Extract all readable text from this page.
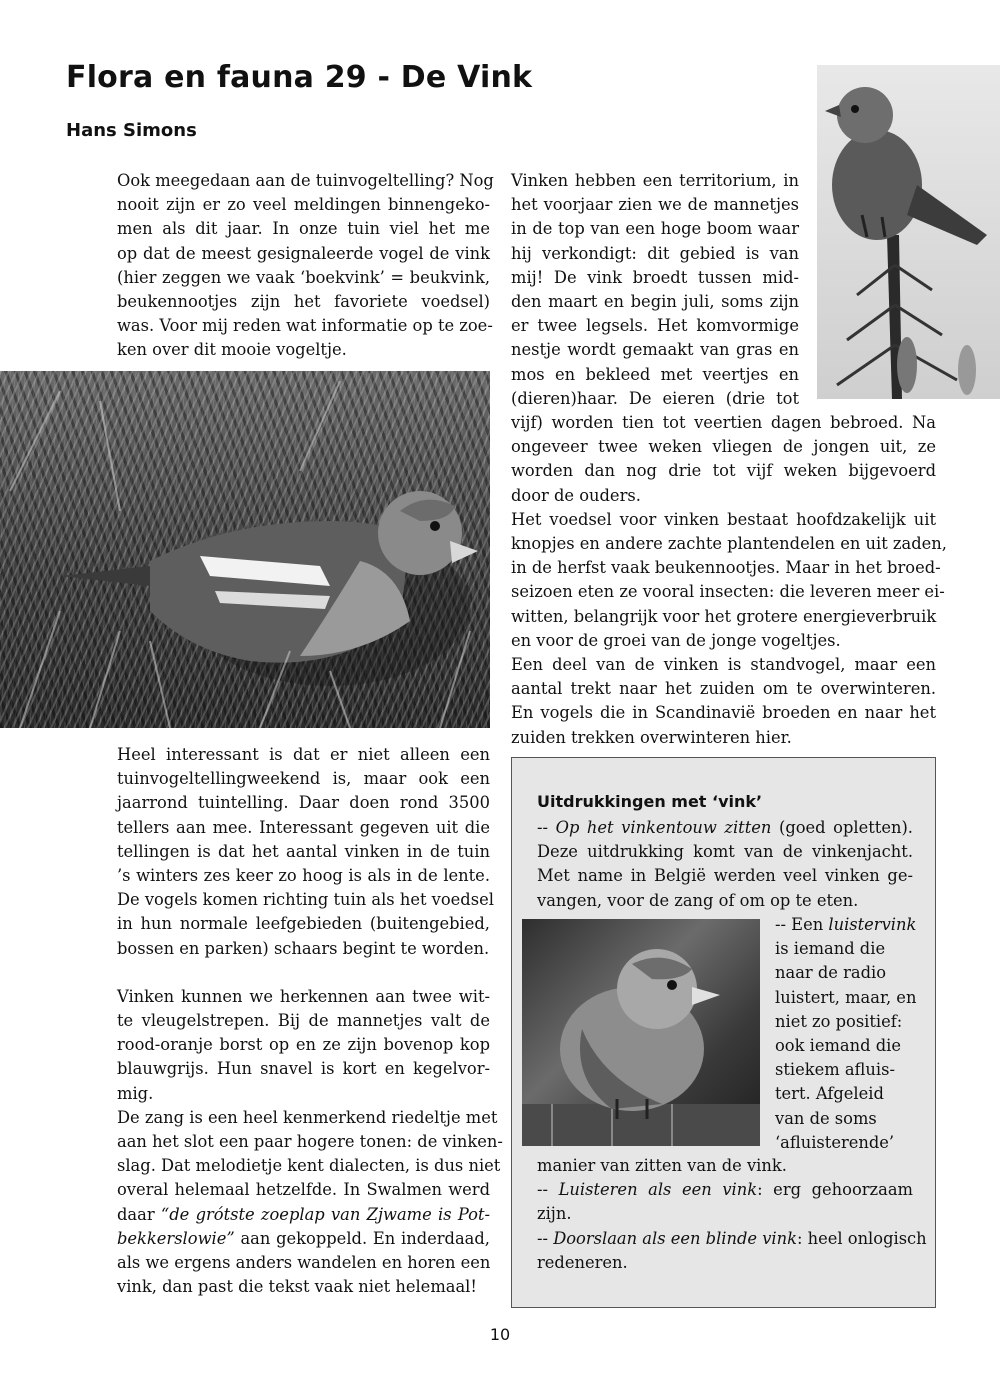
Flora en fauna 29 - De Vink
Hans Simons
Ook meegedaan aan de tuinvogeltelling? Nog
nooit zijn er zo veel meldingen binnengeko-
men als dit jaar. In onze tuin viel het me
op dat de meest gesignaleerde vogel de vink
(hier zeggen we vaak ‘boekvink’ = beukvink,
beukennootjes zijn het favoriete voedsel)
was. Voor mij reden wat informatie op te zoe-
ken over dit mooie vogeltje.
Heel interessant is dat er niet alleen een
tuinvogeltellingweekend is, maar ook een
jaarrond tuintelling. Daar doen rond 3500
tellers aan mee. Interessant gegeven uit die
tellingen is dat het aantal vinken in de tuin
’s winters zes keer zo hoog is als in de lente.
De vogels komen richting tuin als het voedsel
in hun normale leefgebieden (buitengebied,
bossen en parken) schaars begint te worden.
Vinken kunnen we herkennen aan twee wit-
te vleugelstrepen. Bij de mannetjes valt de
rood-oranje borst op en ze zijn bovenop kop
blauwgrijs. Hun snavel is kort en kegelvor-
mig.
De zang is een heel kenmerkend riedeltje met
aan het slot een paar hogere tonen: de vinken-
slag. Dat melodietje kent dialecten, is dus niet
overal helemaal hetzelfde. In Swalmen werd
daar “de grótste zoeplap van Zjwame is Pot-
bekkerslowie” aan gekoppeld. En inderdaad,
als we ergens anders wandelen en horen een
vink, dan past die tekst vaak niet helemaal!
Vinken hebben een territorium, in
het voorjaar zien we de mannetjes
in de top van een hoge boom waar
hij verkondigt: dit gebied is van
mij! De vink broedt tussen mid-
den maart en begin juli, soms zijn
er twee legsels. Het komvormige
nestje wordt gemaakt van gras en
mos en bekleed met veertjes en
(dieren)haar. De eieren (drie tot
vijf) worden tien tot veertien dagen bebroed. Na
ongeveer twee weken vliegen de jongen uit, ze
worden dan nog drie tot vijf weken bijgevoerd
door de ouders.
Het voedsel voor vinken bestaat hoofdzakelijk uit
knopjes en andere zachte plantendelen en uit zaden,
in de herfst vaak beukennootjes. Maar in het broed-
seizoen eten ze vooral insecten: die leveren meer ei-
witten, belangrijk voor het grotere energieverbruik
en voor de groei van de jonge vogeltjes.
Een deel van de vinken is standvogel, maar een
aantal trekt naar het zuiden om te overwinteren.
En vogels die in Scandinavië broeden en naar het
zuiden trekken overwinteren hier.
Uitdrukkingen met ‘vink’
-- Op het vinkentouw zitten (goed opletten).
Deze uitdrukking komt van de vinkenjacht.
Met name in België werden veel vinken ge-
vangen, voor de zang of om op te eten.
-- Een luistervink
is iemand die
naar de radio
luistert, maar, en
niet zo positief:
ook iemand die
stiekem afluis-
tert. Afgeleid
van de soms
‘afluisterende’
manier van zitten van de vink.
-- Luisteren als een vink: erg gehoorzaam
zijn.
-- Doorslaan als een blinde vink: heel onlogisch
redeneren.
10
